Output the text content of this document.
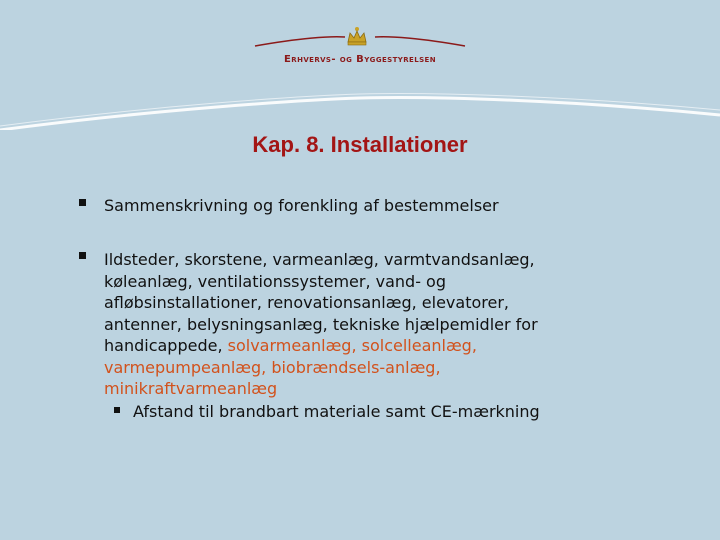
Erhvervs- og Byggestyrelsen
Kap. 8. Installationer
Sammenskrivning og forenkling af bestemmelser
Ildsteder, skorstene, varmeanlæg, varmtvandsanlæg,
køleanlæg, ventilationssystemer, vand- og
afløbsinstallationer, renovationsanlæg, elevatorer,
antenner, belysningsanlæg, tekniske hjælpemidler for
handicappede, solvarmeanlæg, solcelleanlæg,
varmepumpeanlæg, biobrændsels-anlæg,
minikraftvarmeanlæg
Afstand til brandbart materiale samt CE-mærkning
